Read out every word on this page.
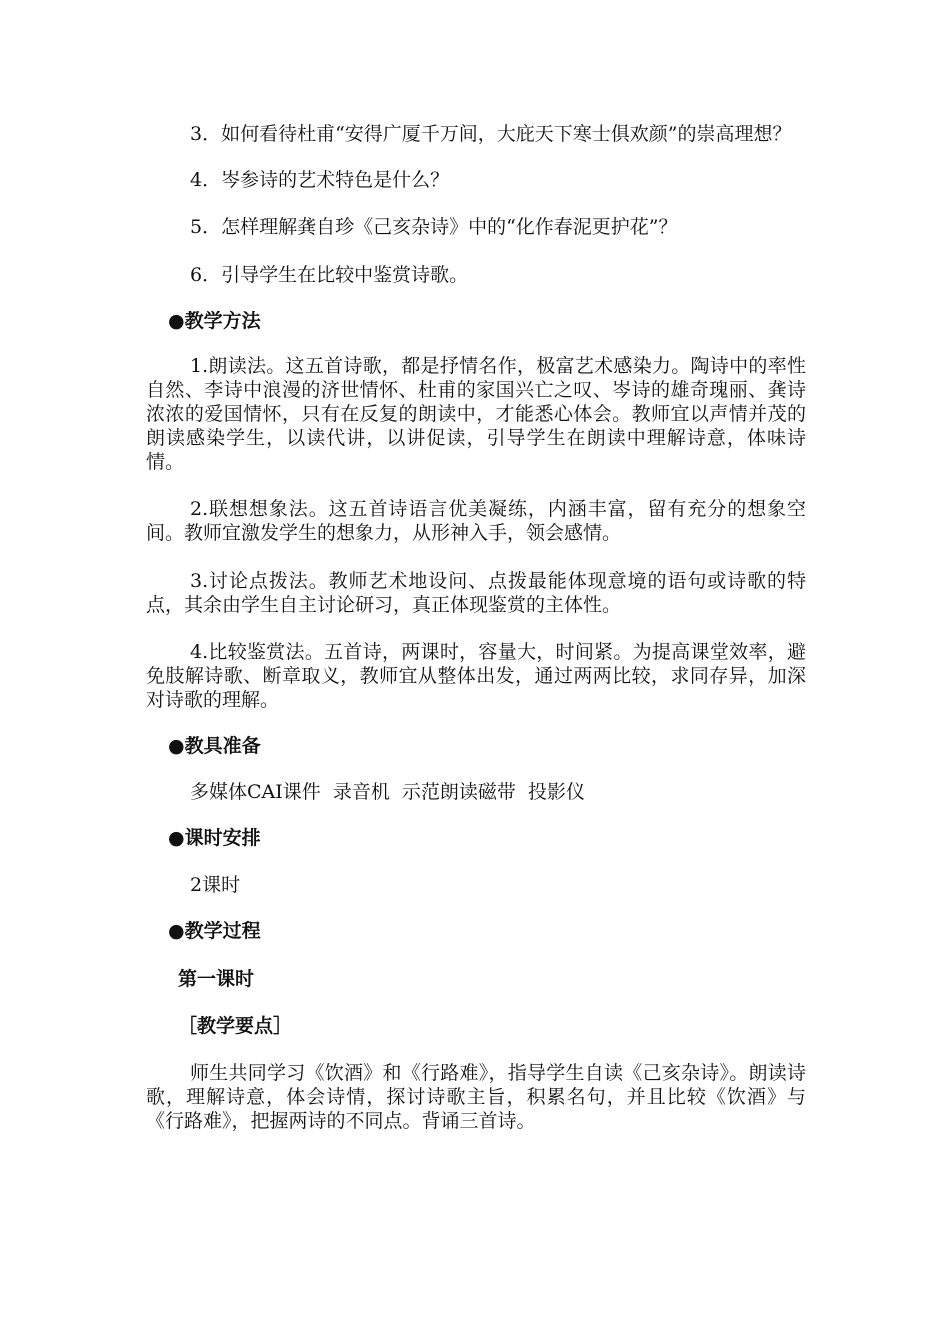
3．如何看待杜甫“安得广厦千万间，大庇天下寒士俱欢颜”的崇高理想？

4．岑参诗的艺术特色是什么？

5．怎样理解龚自珍《己亥杂诗》中的“化作春泥更护花”？

6．引导学生在比较中鉴赏诗歌。

●教学方法

1.朗读法。这五首诗歌，都是抒情名作，极富艺术感染力。陶诗中的率性自然、李诗中浪漫的济世情怀、杜甫的家国兴亡之叹、岑诗的雄奇瑰丽、龚诗浓浓的爱国情怀，只有在反复的朗读中，才能悉心体会。教师宜以声情并茂的朗读感染学生，以读代讲，以讲促读，引导学生在朗读中理解诗意，体味诗情。

2.联想想象法。这五首诗语言优美凝练，内涵丰富，留有充分的想象空间。教师宜激发学生的想象力，从形神入手，领会感情。

3.讨论点拨法。教师艺术地设问、点拨最能体现意境的语句或诗歌的特点，其余由学生自主讨论研习，真正体现鉴赏的主体性。

4.比较鉴赏法。五首诗，两课时，容量大，时间紧。为提高课堂效率，避免肢解诗歌、断章取义，教师宜从整体出发，通过两两比较，求同存异，加深对诗歌的理解。

●教具准备

多媒体CAI课件  录音机  示范朗读磁带  投影仪

●课时安排

2课时

●教学过程
第一课时
［教学要点］

师生共同学习《饮酒》和《行路难》，指导学生自读《己亥杂诗》。朗读诗歌，理解诗意，体会诗情，探讨诗歌主旨，积累名句，并且比较《饮酒》与《行路难》，把握两诗的不同点。背诵三首诗。
